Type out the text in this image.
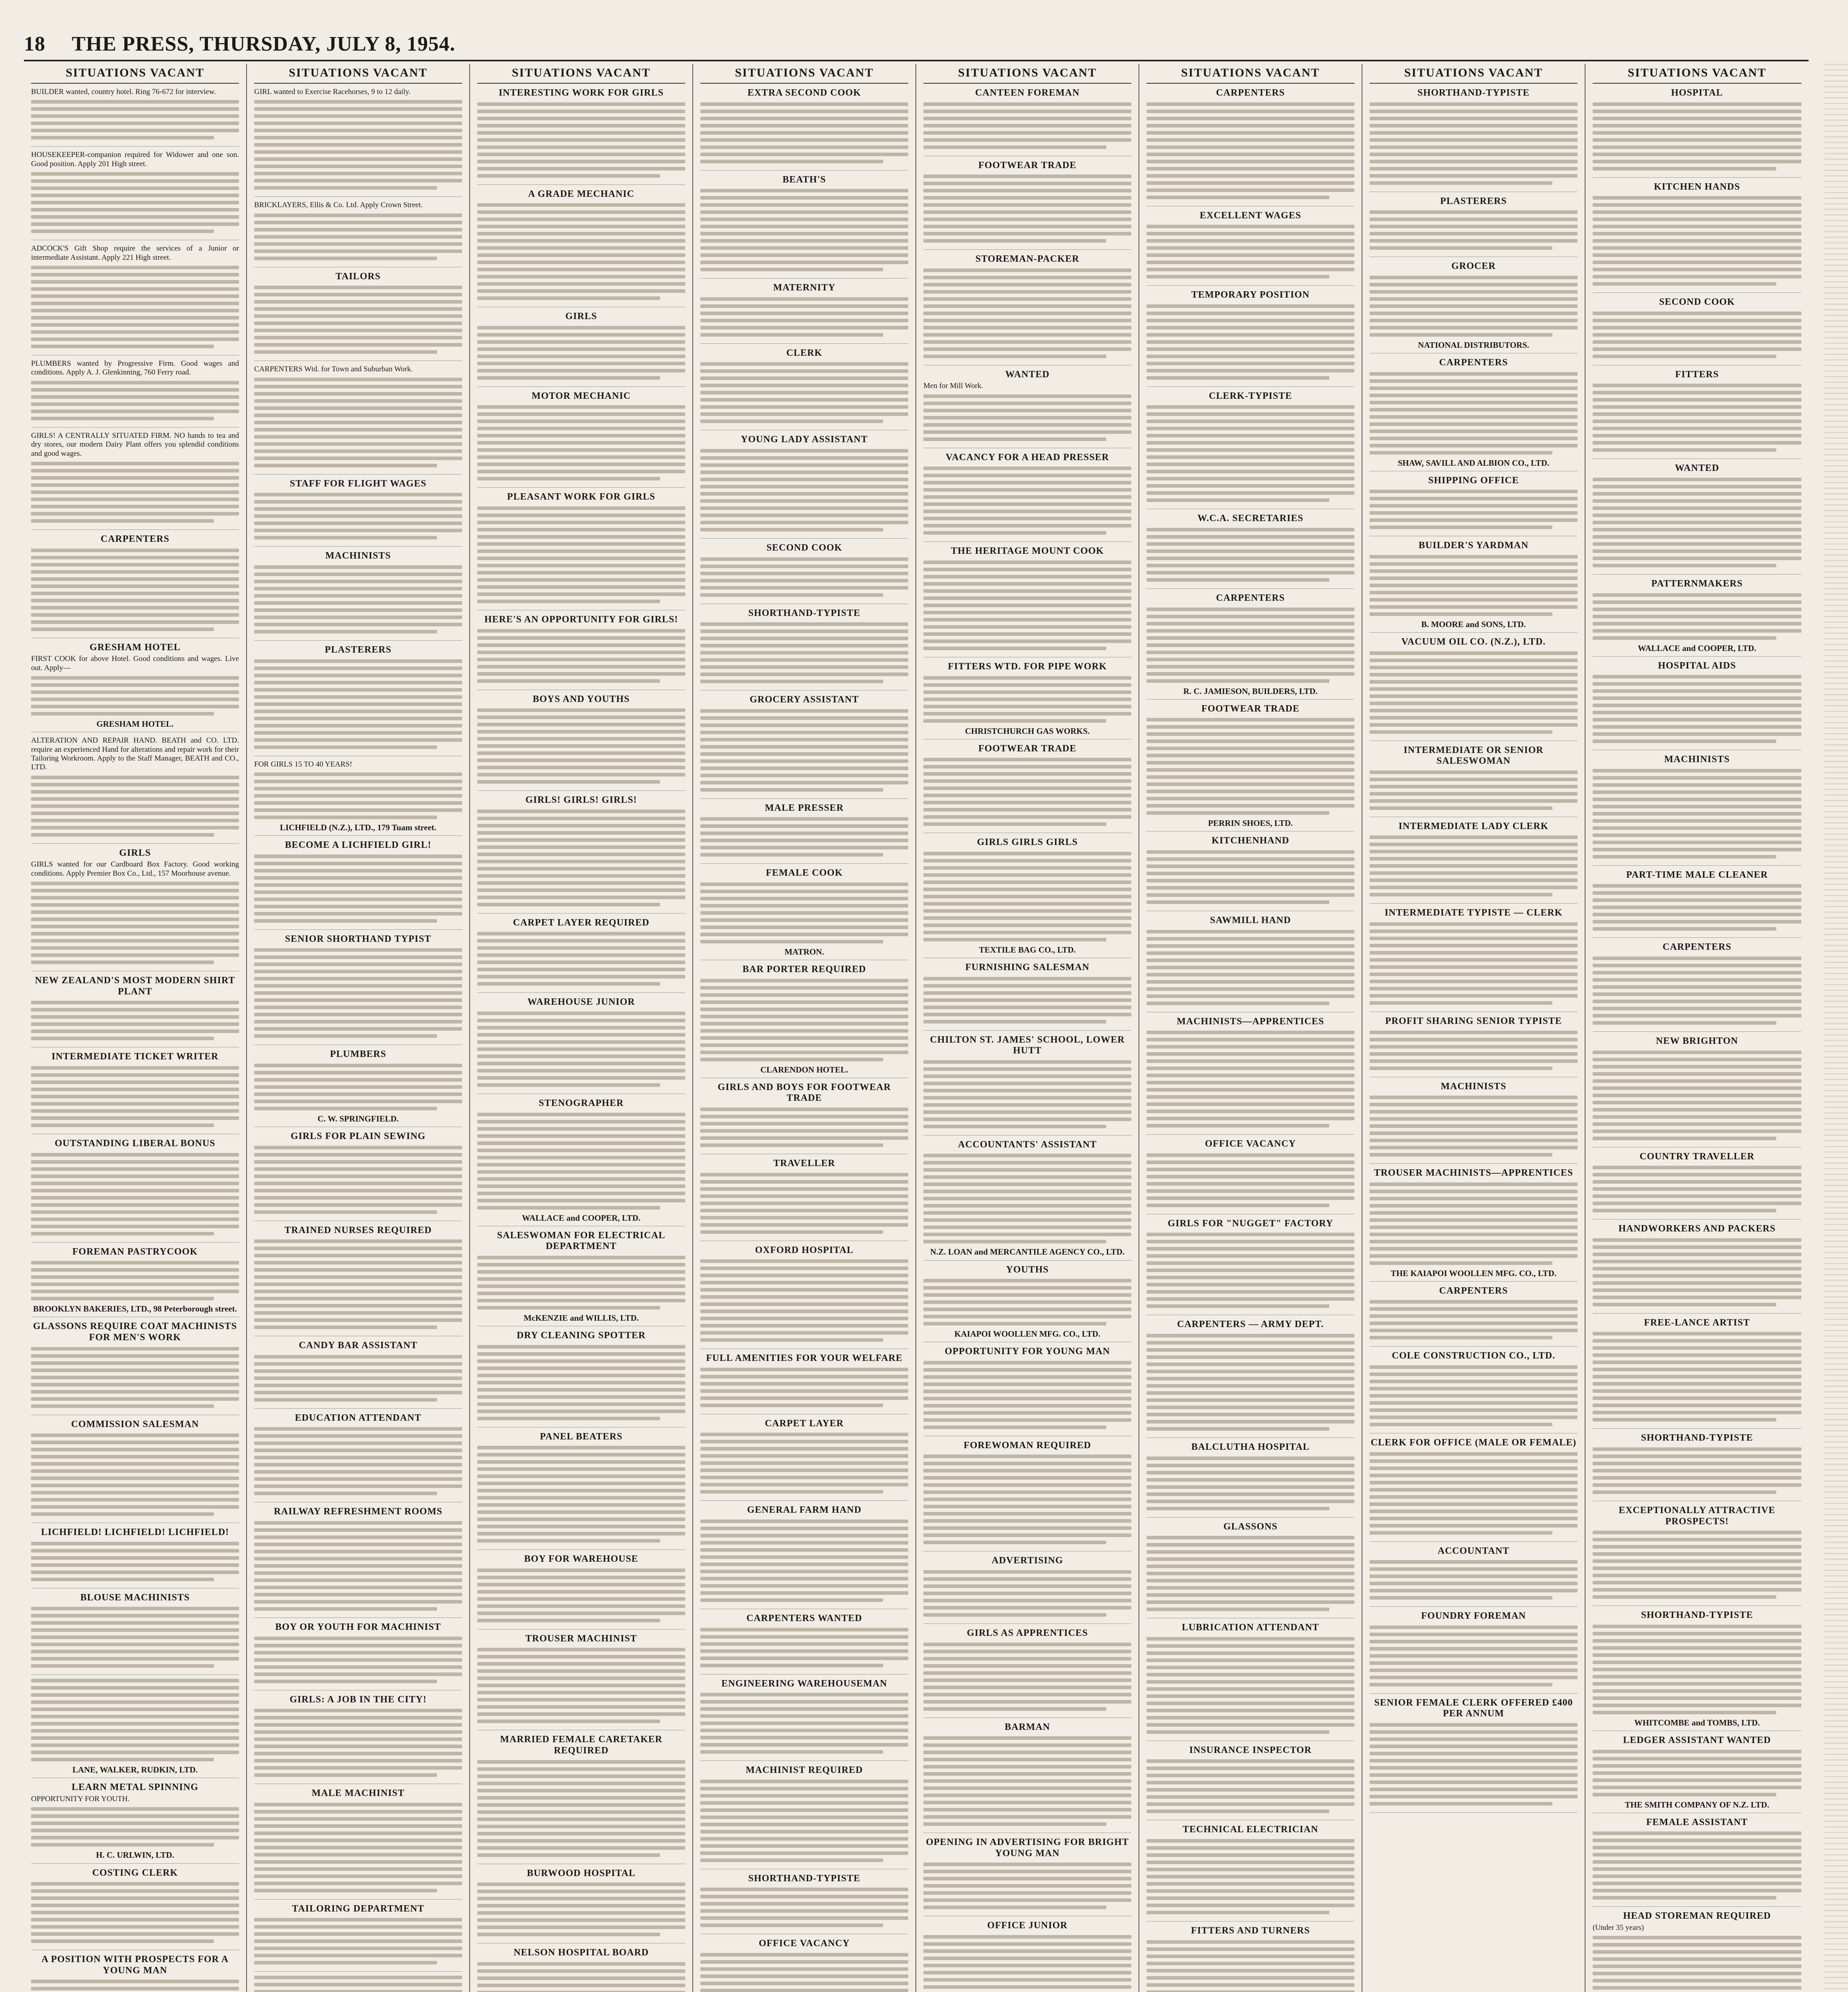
18	THE PRESS, THURSDAY, JULY 8, 1954.
SITUATIONS VACANT
BUILDER wanted, country hotel. Ring 76-672 for interview.
HOUSEKEEPER-companion required for Widower and one son. Good position. Apply 201 High street.
ADCOCK'S Gift Shop require the services of a Junior or intermediate Assistant. Apply 221 High street.
PLUMBERS wanted by Progressive Firm. Good wages and conditions. Apply A. J. Glenkinning, 760 Ferry road.
GIRLS! A CENTRALLY SITUATED FIRM. NO hands to tea and dry stores, our modern Dairy Plant offers you splendid conditions and good wages.
CARPENTERS
GRESHAM HOTEL
FIRST COOK for above Hotel. Good conditions and wages. Live out. Apply—
GRESHAM HOTEL.
ALTERATION AND REPAIR HAND. BEATH and CO. LTD. require an experienced Hand for alterations and repair work for their Tailoring Workroom. Apply to the Staff Manager, BEATH and CO., LTD.
GIRLS
GIRLS wanted for our Cardboard Box Factory. Good working conditions. Apply Premier Box Co., Ltd., 157 Moorhouse avenue.
NEW ZEALAND'S MOST MODERN SHIRT PLANT
INTERMEDIATE TICKET WRITER
OUTSTANDING LIBERAL BONUS
FOREMAN PASTRYCOOK
BROOKLYN BAKERIES, LTD., 98 Peterborough street.
GLASSONS REQUIRE COAT MACHINISTS FOR MEN'S WORK
COMMISSION SALESMAN
LICHFIELD! LICHFIELD! LICHFIELD!
BLOUSE MACHINISTS
LANE, WALKER, RUDKIN, LTD.
LEARN METAL SPINNING
OPPORTUNITY FOR YOUTH.
H. C. URLWIN, LTD.
COSTING CLERK
A POSITION WITH PROSPECTS FOR A YOUNG MAN
SITUATIONS VACANT
GIRL wanted to Exercise Racehorses, 9 to 12 daily.
BRICKLAYERS, Ellis & Co. Ltd. Apply Crown Street.
TAILORS
CARPENTERS Wtd. for Town and Suburban Work.
STAFF FOR FLIGHT WAGES
MACHINISTS
PLASTERERS
FOR GIRLS 15 TO 40 YEARS!
LICHFIELD (N.Z.), LTD., 179 Tuam street.
BECOME A LICHFIELD GIRL!
SENIOR SHORTHAND TYPIST
PLUMBERS
C. W. SPRINGFIELD.
GIRLS FOR PLAIN SEWING
TRAINED NURSES REQUIRED
CANDY BAR ASSISTANT
EDUCATION ATTENDANT
RAILWAY REFRESHMENT ROOMS
BOY OR YOUTH FOR MACHINIST
GIRLS: A JOB IN THE CITY!
MALE MACHINIST
TAILORING DEPARTMENT
SITUATIONS VACANT
INTERESTING WORK FOR GIRLS
A GRADE MECHANIC
GIRLS
MOTOR MECHANIC
PLEASANT WORK FOR GIRLS
HERE'S AN OPPORTUNITY FOR GIRLS!
BOYS AND YOUTHS
GIRLS! GIRLS! GIRLS!
CARPET LAYER REQUIRED
WAREHOUSE JUNIOR
STENOGRAPHER
WALLACE and COOPER, LTD.
SALESWOMAN FOR ELECTRICAL DEPARTMENT
McKENZIE and WILLIS, LTD.
DRY CLEANING SPOTTER
PANEL BEATERS
BOY FOR WAREHOUSE
TROUSER MACHINIST
MARRIED FEMALE CARETAKER REQUIRED
BURWOOD HOSPITAL
NELSON HOSPITAL BOARD
SITUATIONS VACANT
EXTRA SECOND COOK
BEATH'S
MATERNITY
CLERK
YOUNG LADY ASSISTANT
SECOND COOK
SHORTHAND-TYPISTE
GROCERY ASSISTANT
MALE PRESSER
FEMALE COOK
MATRON.
BAR PORTER REQUIRED
CLARENDON HOTEL.
GIRLS AND BOYS FOR FOOTWEAR TRADE
TRAVELLER
OXFORD HOSPITAL
FULL AMENITIES FOR YOUR WELFARE
CARPET LAYER
GENERAL FARM HAND
CARPENTERS WANTED
ENGINEERING WAREHOUSEMAN
MACHINIST REQUIRED
SHORTHAND-TYPISTE
OFFICE VACANCY
SITUATIONS VACANT
CANTEEN FOREMAN
FOOTWEAR TRADE
STOREMAN-PACKER
WANTED
Men for Mill Work.
VACANCY FOR A HEAD PRESSER
THE HERITAGE MOUNT COOK
FITTERS WTD. FOR PIPE WORK
CHRISTCHURCH GAS WORKS.
FOOTWEAR TRADE
GIRLS GIRLS GIRLS
TEXTILE BAG CO., LTD.
FURNISHING SALESMAN
CHILTON ST. JAMES' SCHOOL, LOWER HUTT
ACCOUNTANTS' ASSISTANT
N.Z. LOAN and MERCANTILE AGENCY CO., LTD.
YOUTHS
KAIAPOI WOOLLEN MFG. CO., LTD.
OPPORTUNITY FOR YOUNG MAN
FOREWOMAN REQUIRED
ADVERTISING
GIRLS AS APPRENTICES
BARMAN
OPENING IN ADVERTISING FOR BRIGHT YOUNG MAN
OFFICE JUNIOR
SITUATIONS VACANT
CARPENTERS
EXCELLENT WAGES
TEMPORARY POSITION
CLERK-TYPISTE
W.C.A. SECRETARIES
CARPENTERS
R. C. JAMIESON, BUILDERS, LTD.
FOOTWEAR TRADE
PERRIN SHOES, LTD.
KITCHENHAND
SAWMILL HAND
MACHINISTS—APPRENTICES
OFFICE VACANCY
GIRLS FOR "NUGGET" FACTORY
CARPENTERS — ARMY DEPT.
BALCLUTHA HOSPITAL
GLASSONS
LUBRICATION ATTENDANT
INSURANCE INSPECTOR
TECHNICAL ELECTRICIAN
FITTERS AND TURNERS
SITUATIONS VACANT
SHORTHAND-TYPISTE
PLASTERERS
GROCER
NATIONAL DISTRIBUTORS.
CARPENTERS
SHAW, SAVILL AND ALBION CO., LTD.
SHIPPING OFFICE
BUILDER'S YARDMAN
B. MOORE and SONS, LTD.
VACUUM OIL CO. (N.Z.), LTD.
INTERMEDIATE OR SENIOR SALESWOMAN
INTERMEDIATE LADY CLERK
INTERMEDIATE TYPISTE — CLERK
PROFIT SHARING SENIOR TYPISTE
MACHINISTS
TROUSER MACHINISTS—APPRENTICES
THE KAIAPOI WOOLLEN MFG. CO., LTD.
CARPENTERS
COLE CONSTRUCTION CO., LTD.
CLERK FOR OFFICE (MALE OR FEMALE)
ACCOUNTANT
FOUNDRY FOREMAN
SENIOR FEMALE CLERK OFFERED £400 PER ANNUM
SITUATIONS VACANT
HOSPITAL
KITCHEN HANDS
SECOND COOK
FITTERS
WANTED
PATTERNMAKERS
WALLACE and COOPER, LTD.
HOSPITAL AIDS
MACHINISTS
PART-TIME MALE CLEANER
CARPENTERS
NEW BRIGHTON
COUNTRY TRAVELLER
HANDWORKERS AND PACKERS
FREE-LANCE ARTIST
SHORTHAND-TYPISTE
EXCEPTIONALLY ATTRACTIVE PROSPECTS!
SHORTHAND-TYPISTE
WHITCOMBE and TOMBS, LTD.
LEDGER ASSISTANT WANTED
THE SMITH COMPANY OF N.Z. LTD.
FEMALE ASSISTANT
HEAD STOREMAN REQUIRED
(Under 35 years)
